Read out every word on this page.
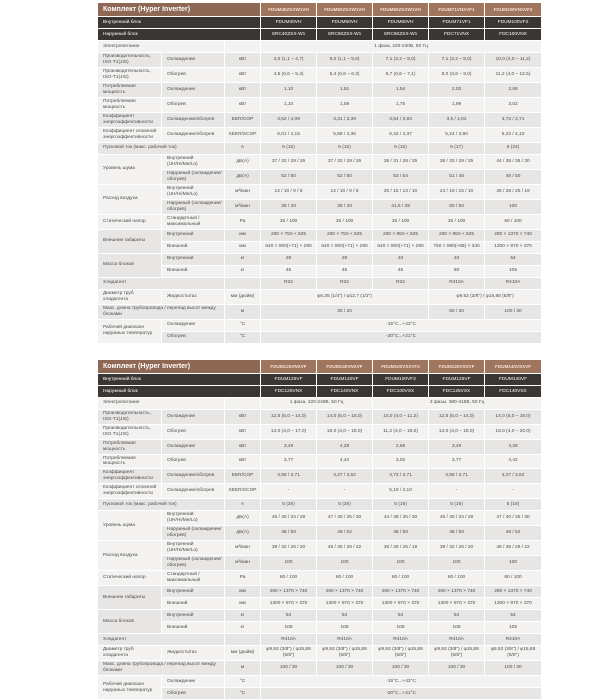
Комплект (Hyper Inverter)			FDUM40ZSXW1VH	FDUM50ZSXW1VH	FDUM60ZSXW1VH	FDUM71VNXVF1	FDUM100VNXVF2
Внутренний блок			FDUM40VH	FDUM50VH	FDUM60VH	FDUM71VF1	FDUM100VF2
Наружный блок			SRC40ZSX-W1	SRC50ZSX-W1	SRC60ZSX-W1	FDC71VNX	FDC100VNX
Электропитание			1 фаза, 220-240В, 50 Гц				
Производительность, ISO-T1(JIS)	Охлаждение	кВт	4,0 (1,1 – 4,7)	5,0 (1,1 – 5,6)	7,1 (3,2 – 8,0)	7,1 (3,2 – 8,0)	10,0 (4,0 – 11,2)
Производительность, ISO-T1(JIS)	Обогрев	кВт	4,5 (0,6 – 5,4)	5,4 (0,6 – 6,3)	6,7 (0,6 – 7,1)	8,0 (3,6 – 9,0)	11,2 (4,0 – 12,5)
Потребляемая мощность	Охлаждение	кВт	1,10	1,51	1,54	2,03	2,68
Потребляемая мощность	Обогрев	кВт	1,10	1,59	1,75	1,99	3,02
Коэффициент энергоэффективности	Охлаждение/обогрев	EER/COP	3,62 / 4,09	3,31 / 3,39	3,64 / 3,83	3,5 / 4,02	3,73 / 3,71
Коэффициент сезонной энергоэффективности	Охлаждение/обогрев	SEER/SCOP	6,01 / 4,15	5,68 / 4,36	6,42 / 4,37	5,24 / 3,90	5,22 / 4,10
Пусковой ток (макс. рабочий ток)		А	5 (15)	5 (15)	5 (15)	5 (17)	5 (24)
Уровень шума	Внутренний (UH/Hi/Me/Lo)	дБ(А)	37 / 32 / 29 / 26	37 / 32 / 29 / 26	36 / 31 / 28 / 25	38 / 33 / 29 / 25	44 / 38 / 36 / 30
	Наружный (охлаждение/обогрев)	дБ(А)	52 / 50	52 / 50	53 / 54	51 / 48	48 / 50
Расход воздуха	Внутренний (UH/Hi/Me/Lo)	м³/мин	13 / 10 / 9 / 8	13 / 10 / 9 / 8	20 / 15 / 13 / 10	24 / 19 / 15 / 10	36 / 28 / 25 / 19
	Наружный (охлаждение/обогрев)	м³/мин	39 / 33	39 / 33	41,5 / 39	60 / 50	100
Статический напор	Стандартный / максимальный	Pa	35 / 100	35 / 100	35 / 100	35 / 100	60 / 100
Внешние габариты	Внутренний	мм	280 × 750 × 635	280 × 750 × 635	280 × 950 × 635	280 × 950 × 635	280 × 1370 × 740
	Внешний	мм	640 × 800(+71) × 290	640 × 800(+71) × 290	640 × 800(+71) × 290	750 × 880(+88) × 340	1300 × 970 × 370
Масса блоков	Внутренний	кг	29	29	34	34	54
	Внешний	кг	45	45	45	60	105
Хладагент			R32	R32	R32	R410A	R410A
Диаметр труб хладагента	Жидкость/газ	мм (дюйм)	φ6,35 (1/4") / φ12,7 (1/2")			φ9,52 (3/8") / φ15,88 (5/8")	
Макс. длина трубопровода / перепад высот между блоками		м	30 / 20			50 / 30	100 / 30
Рабочий диапазон наружных температур	Охлаждение	°C	-15°C...+43°C				
	Обогрев	°C	-20°C...+21°C				
Комплект (Hyper Inverter)			FDUM125VNXVF	FDUM140VNXVF	FDUM100VSXVF2	FDUM125VSXVF	FDUM140VSXVF
Внутренний блок			FDUM125VF	FDUM140VF	FDUM100VF2	FDUM125VF	FDUM140VF
Наружный блок			FDC125VNX	FDC140VNX	FDC100VSX	FDC125VSX	FDC140VSX
Электропитание			1 фаза, 220-240В, 50 Гц		3 фазы, 380-415В, 50 Гц		
Производительность, ISO-T1(JIS)	Охлаждение	кВт	12,5 (5,0 – 14,0)	14,0 (5,0 – 16,0)	10,0 (4,0 – 11,2)	12,5 (5,0 – 14,0)	14,0 (5,0 – 16,0)
Производительность, ISO-T1(JIS)	Обогрев	кВт	14,0 (4,0 – 17,0)	16,0 (4,0 – 18,0)	11,2 (4,0 – 16,0)	14,0 (4,0 – 18,0)	16,0 (4,0 – 20,0)
Потребляемая мощность	Охлаждение	кВт	3,49	4,28	2,68	3,49	4,28
Потребляемая мощность	Обогрев	кВт	3,77	4,42	3,02	3,77	4,42
Коэффициент энергоэффективности	Охлаждение/обогрев	EER/COP	3,58 / 3,71	3,27 / 3,62	3,73 / 3,71	3,58 / 3,71	3,27 / 3,62
Коэффициент сезонной энергоэффективности	Охлаждение/обогрев	SEER/SCOP	-	-	5,19 / 4,10	-	-
Пусковой ток (макс. рабочий ток)		А	5 (26)	5 (26)	5 (15)	5 (15)	5 (15)
Уровень шума	Внутренний (UH/Hi/Me/Lo)	дБ(А)	45 / 40 / 34 / 29	47 / 40 / 35 / 30	44 / 38 / 36 / 30	45 / 40 / 34 / 29	47 / 40 / 35 / 30
	Наружный (охлаждение/обогрев)	дБ(А)	48 / 50	49 / 52	48 / 50	48 / 50	49 / 52
Расход воздуха	Внутренний (UH/Hi/Me/Lo)	м³/мин	39 / 32 / 26 / 20	48 / 35 / 28 / 22	36 / 28 / 25 / 19	39 / 32 / 26 / 20	48 / 35 / 28 / 22
	Наружный (охлаждение/обогрев)	м³/мин	100	100	100	100	100
Статический напор	Стандартный / максимальный	Pa	60 / 100	60 / 100	60 / 100	60 / 100	60 / 100
Внешние габариты	Внутренний	мм	280 × 1370 × 740	280 × 1370 × 740	280 × 1370 × 740	280 × 1370 × 740	280 × 1370 × 740
	Внешний	мм	1300 × 970 × 370	1300 × 970 × 370	1300 × 970 × 370	1300 × 970 × 370	1300 × 970 × 370
Масса блоков	Внутренний	кг	54	54	54	54	54
	Внешний	кг	105	105	105	105	105
Хладагент			R410A	R410A	R410A	R410A	R410A
Диаметр труб хладагента	Жидкость/газ	мм (дюйм)	φ9,52 (3/8") / φ15,88 (5/8")	φ9,52 (3/8") / φ15,88 (5/8")	φ9,52 (3/8") / φ15,88 (5/8")	φ9,52 (3/8") / φ15,88 (5/8")	φ9,52 (3/8") / φ15,88 (5/8")
Макс. длина трубопровода / перепад высот между блоками		м	100 / 30	100 / 30	100 / 30	100 / 30	100 / 30
Рабочий диапазон наружных температур	Охлаждение	°C	-15°C...+43°C				
	Обогрев	°C	-20°C...+21°C				
